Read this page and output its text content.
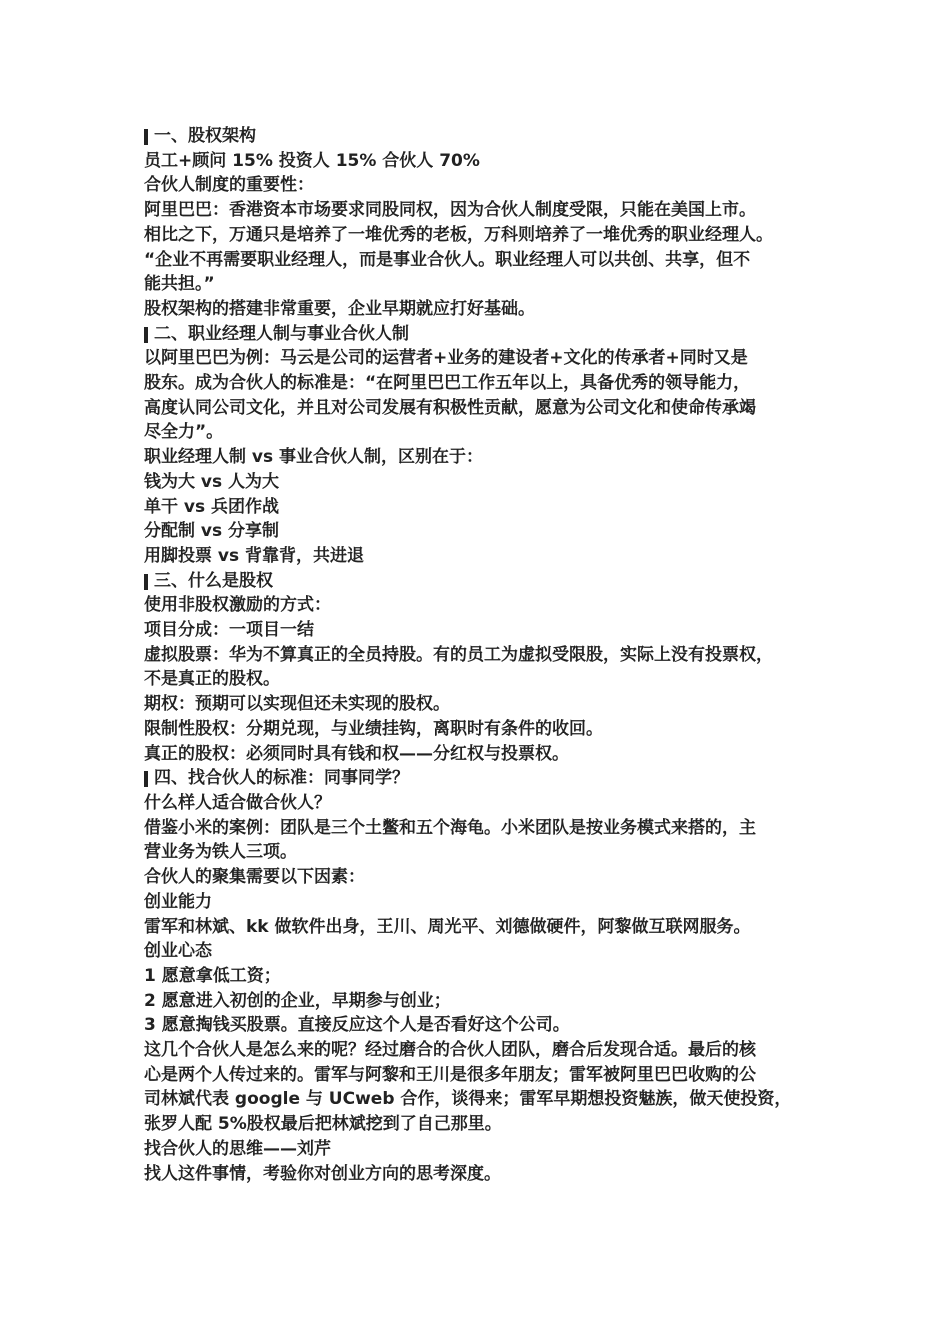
一、股权架构
员工+顾问 15% 投资人 15% 合伙人 70%
合伙人制度的重要性：
阿里巴巴：香港资本市场要求同股同权，因为合伙人制度受限，只能在美国上市。
相比之下，万通只是培养了一堆优秀的老板，万科则培养了一堆优秀的职业经理人。
“企业不再需要职业经理人，而是事业合伙人。职业经理人可以共创、共享，但不
能共担。”
股权架构的搭建非常重要，企业早期就应打好基础。
二、职业经理人制与事业合伙人制
以阿里巴巴为例：马云是公司的运营者+业务的建设者+文化的传承者+同时又是
股东。成为合伙人的标准是：“在阿里巴巴工作五年以上，具备优秀的领导能力，
高度认同公司文化，并且对公司发展有积极性贡献，愿意为公司文化和使命传承竭
尽全力”。
职业经理人制 vs 事业合伙人制，区别在于：
钱为大 vs 人为大
单干 vs 兵团作战
分配制 vs 分享制
用脚投票 vs 背靠背，共进退
三、什么是股权
使用非股权激励的方式：
项目分成：一项目一结
虚拟股票：华为不算真正的全员持股。有的员工为虚拟受限股，实际上没有投票权，
不是真正的股权。
期权：预期可以实现但还未实现的股权。
限制性股权：分期兑现，与业绩挂钩，离职时有条件的收回。
真正的股权：必须同时具有钱和权——分红权与投票权。
四、找合伙人的标准：同事同学？
什么样人适合做合伙人？
借鉴小米的案例：团队是三个土鳖和五个海龟。小米团队是按业务模式来搭的，主
营业务为铁人三项。
合伙人的聚集需要以下因素：
创业能力
雷军和林斌、kk 做软件出身，王川、周光平、刘德做硬件，阿黎做互联网服务。
创业心态
1 愿意拿低工资；
2 愿意进入初创的企业，早期参与创业；
3 愿意掏钱买股票。直接反应这个人是否看好这个公司。
这几个合伙人是怎么来的呢？经过磨合的合伙人团队，磨合后发现合适。最后的核
心是两个人传过来的。雷军与阿黎和王川是很多年朋友；雷军被阿里巴巴收购的公
司林斌代表 google 与 UCweb 合作，谈得来；雷军早期想投资魅族，做天使投资，
张罗人配 5%股权最后把林斌挖到了自己那里。
找合伙人的思维——刘芹
找人这件事情，考验你对创业方向的思考深度。
